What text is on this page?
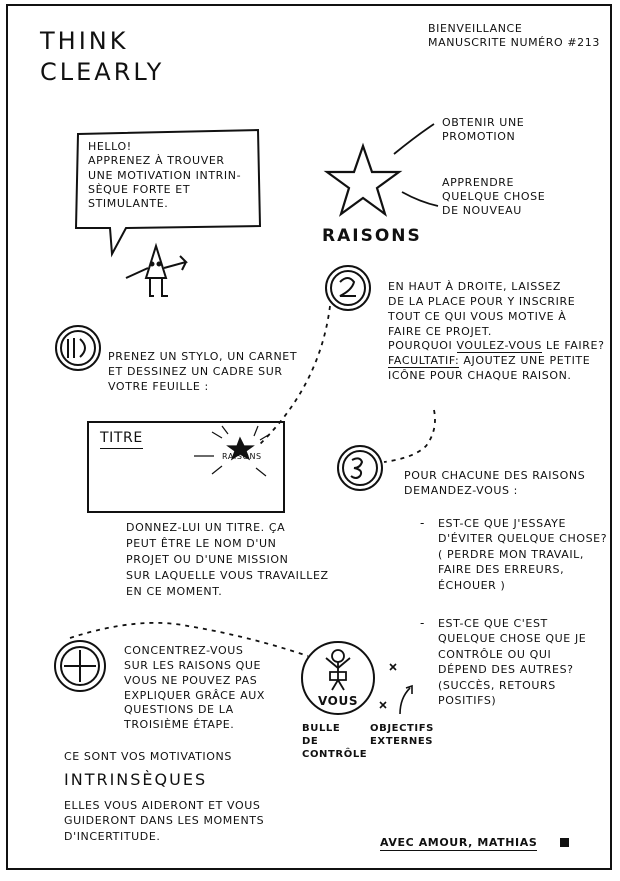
THINK
CLEARLY
BIENVEILLANCE
MANUSCRITE NUMÉRO #213
HELLO!
APPRENEZ À TROUVER
UNE MOTIVATION INTRIN-
SÈQUE FORTE ET
STIMULANTE.
RAISONS
OBTENIR UNE
PROMOTION
APPRENDRE
QUELQUE CHOSE
DE NOUVEAU
EN HAUT À DROITE, LAISSEZ
DE LA PLACE POUR Y INSCRIRE
TOUT CE QUI VOUS MOTIVE À
FAIRE CE PROJET.
POURQUOI VOULEZ-VOUS LE FAIRE?
FACULTATIF: AJOUTEZ UNE PETITE
ICÔNE POUR CHAQUE RAISON.
PRENEZ UN STYLO, UN CARNET
ET DESSINEZ UN CADRE SUR
VOTRE FEUILLE :
TITRE
RAISONS
POUR CHACUNE DES RAISONS
DEMANDEZ-VOUS :
- EST-CE QUE J'ESSAYE
D'ÉVITER QUELQUE CHOSE?
( PERDRE MON TRAVAIL,
FAIRE DES ERREURS,
ÉCHOUER )
- EST-CE QUE C'EST
QUELQUE CHOSE QUE JE
CONTRÔLE OU QUI
DÉPEND DES AUTRES?
(SUCCÈS, RETOURS
POSITIFS)
DONNEZ-LUI UN TITRE. ÇA
PEUT ÊTRE LE NOM D'UN
PROJET OU D'UNE MISSION
SUR LAQUELLE VOUS TRAVAILLEZ
EN CE MOMENT.
CONCENTREZ-VOUS
SUR LES RAISONS QUE
VOUS NE POUVEZ PAS
EXPLIQUER GRÂCE AUX
QUESTIONS DE LA
TROISIÈME ÉTAPE.
VOUS
BULLE
DE
CONTRÔLE
OBJECTIFS
EXTERNES
CE SONT VOS MOTIVATIONS
INTRINSÈQUES
ELLES VOUS AIDERONT ET VOUS
GUIDERONT DANS LES MOMENTS
D'INCERTITUDE.	AVEC AMOUR, MATHIAS
